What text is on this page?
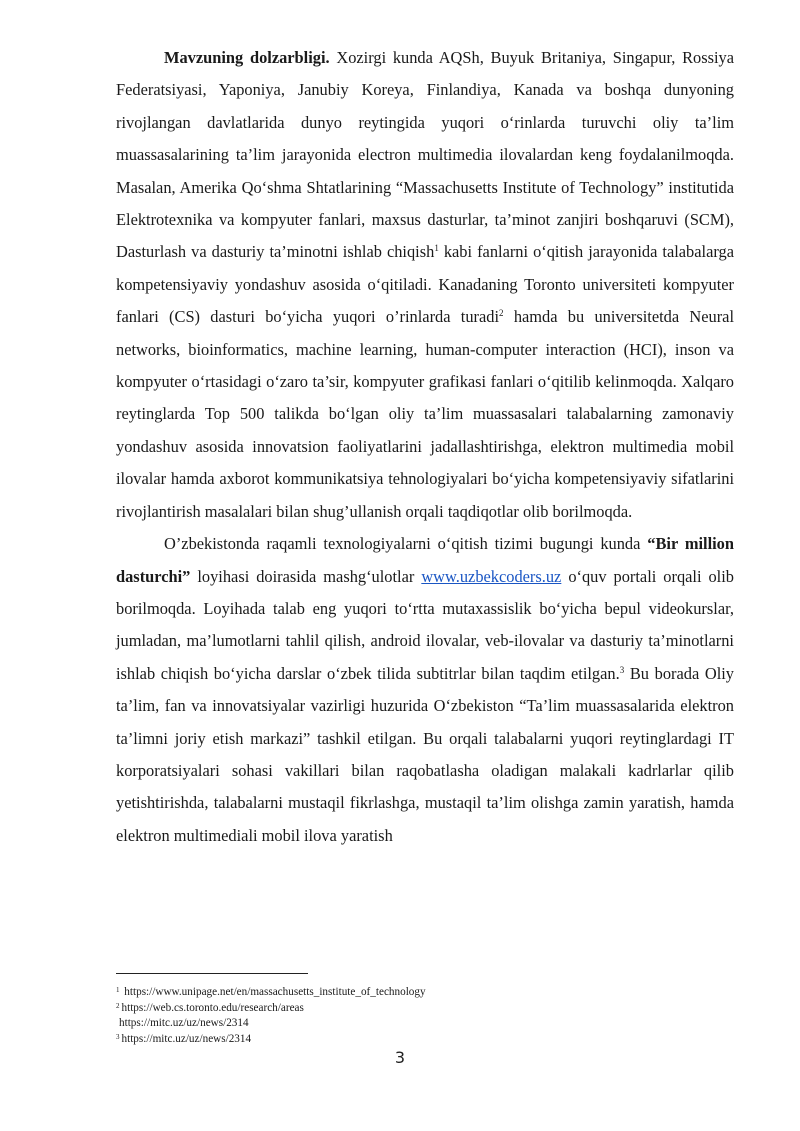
Mavzuning dolzarbligi. Xozirgi kunda AQSh, Buyuk Britaniya, Singapur, Rossiya Federatsiyasi, Yaponiya, Janubiy Koreya, Finlandiya, Kanada va boshqa dunyoning rivojlangan davlatlarida dunyo reytingida yuqori o‘rinlarda turuvchi oliy ta’lim muassasalarining ta’lim jarayonida electron multimedia ilovalardan keng foydalanilmoqda. Masalan, Amerika Qo‘shma Shtatlarining “Massachusetts Institute of Technology” institutida Elektrotexnika va kompyuter fanlari, maxsus dasturlar, ta’minot zanjiri boshqaruvi (SCM), Dasturlash va dasturiy ta’minotni ishlab chiqish$^1$ kabi fanlarni o‘qitish jarayonida talabalarga kompetensiyaviy yondashuv asosida o‘qitiladi. Kanadaning Toronto universiteti kompyuter fanlari (CS) dasturi bo‘yicha yuqori o’rinlarda turadi$^2$ hamda bu universitetda Neural networks, bioinformatics, machine learning, human-computer interaction (HCI), inson va kompyuter o‘rtasidagi o‘zaro ta’sir, kompyuter grafikasi fanlari o‘qitilib kelinmoqda. Xalqaro reytinglarda Top 500 talikda bo‘lgan oliy ta’lim muassasalari talabalarning zamonaviy yondashuv asosida innovatsion faoliyatlarini jadallashtirishga, elektron multimedia mobil ilovalar hamda axborot kommunikatsiya tehnologiyalari bo‘yicha kompetensiyaviy sifatlarini rivojlantirish masalalari bilan shug’ullanish orqali taqdiqotlar olib borilmoqda.

O’zbekistonda raqamli texnologiyalarni o‘qitish tizimi bugungi kunda “Bir million dasturchi” loyihasi doirasida mashg‘ulotlar www.uzbekcoders.uz o‘quv portali orqali olib borilmoqda. Loyihada talab eng yuqori to‘rtta mutaxassislik bo‘yicha bepul videokurslar, jumladan, ma’lumotlarni tahlil qilish, android ilovalar, veb-ilovalar va dasturiy ta’minotlarni ishlab chiqish bo‘yicha darslar o‘zbek tilida subtitrlar bilan taqdim etilgan.$^3$ Bu borada Oliy ta’lim, fan va innovatsiyalar vazirligi huzurida O‘zbekiston “Ta’lim muassasalarida elektron ta’limni joriy etish markazi” tashkil etilgan. Bu orqali talabalarni yuqori reytinglardagi IT korporatsiyalari sohasi vakillari bilan raqobatlasha oladigan malakali kadrlarlar qilib yetishtirishda, talabalarni mustaqil fikrlashga, mustaqil ta’lim olishga zamin yaratish, hamda elektron multimediali mobil ilova yaratish

$^1$ https://www.unipage.net/en/massachusetts_institute_of_technology
$^2$ https://web.cs.toronto.edu/research/areas
https://mitc.uz/uz/news/2314
$^3$ https://mitc.uz/uz/news/2314
3
